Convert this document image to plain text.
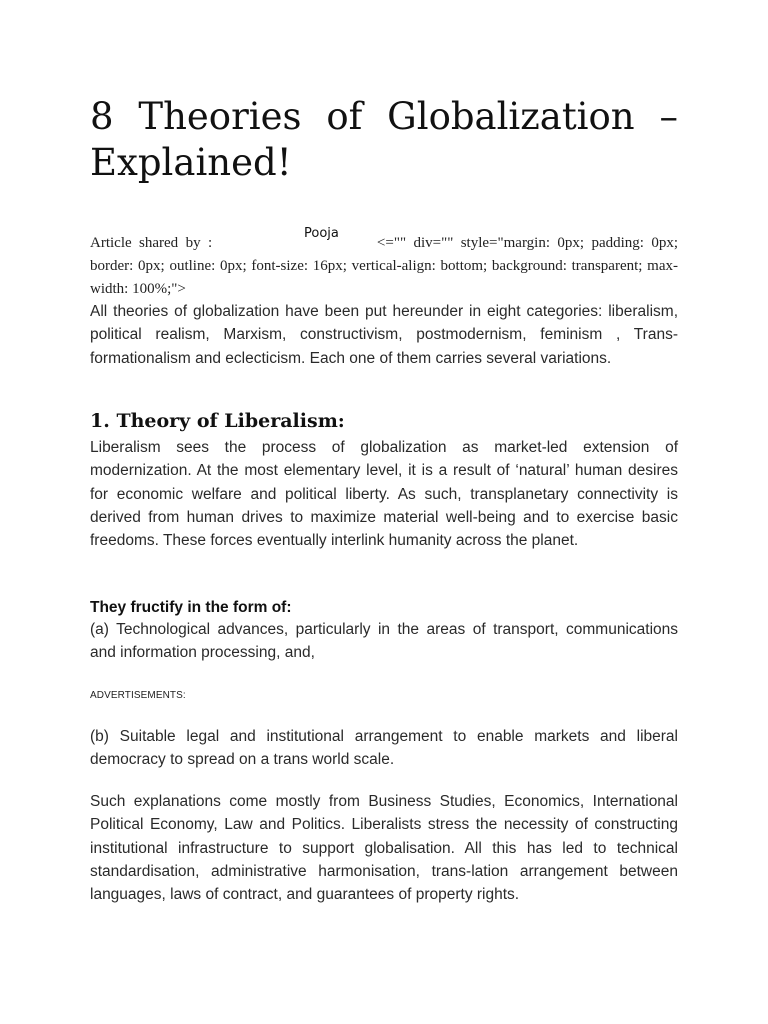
8 Theories of Globalization – Explained!

Article shared by :	<="" div="" style="margin: 0px; padding: 0px; border: 0px; outline: 0px; font-size: 16px; vertical-align: bottom; background: transparent; max-width: 100%;">

Pooja

All theories of globalization have been put hereunder in eight categories: liberalism, political realism, Marxism, constructivism, postmodernism, feminism , Trans-formationalism and eclecticism. Each one of them carries several variations.

1. Theory of Liberalism:

Liberalism sees the process of globalization as market-led extension of modernization. At the most elementary level, it is a result of ‘natural’ human desires for economic welfare and political liberty. As such, transplanetary connectivity is derived from human drives to maximize material well-being and to exercise basic freedoms. These forces eventually interlink humanity across the planet.

They fructify in the form of:

(a) Technological advances, particularly in the areas of transport, communications and information processing, and,

ADVERTISEMENTS:

(b) Suitable legal and institutional arrangement to enable markets and liberal democracy to spread on a trans world scale.

Such explanations come mostly from Business Studies, Economics, International Political Economy, Law and Politics. Liberalists stress the necessity of constructing institutional infrastructure to support globalisation. All this has led to technical standardisation, administrative harmonisation, trans-lation arrangement between languages, laws of contract, and guarantees of property rights.
